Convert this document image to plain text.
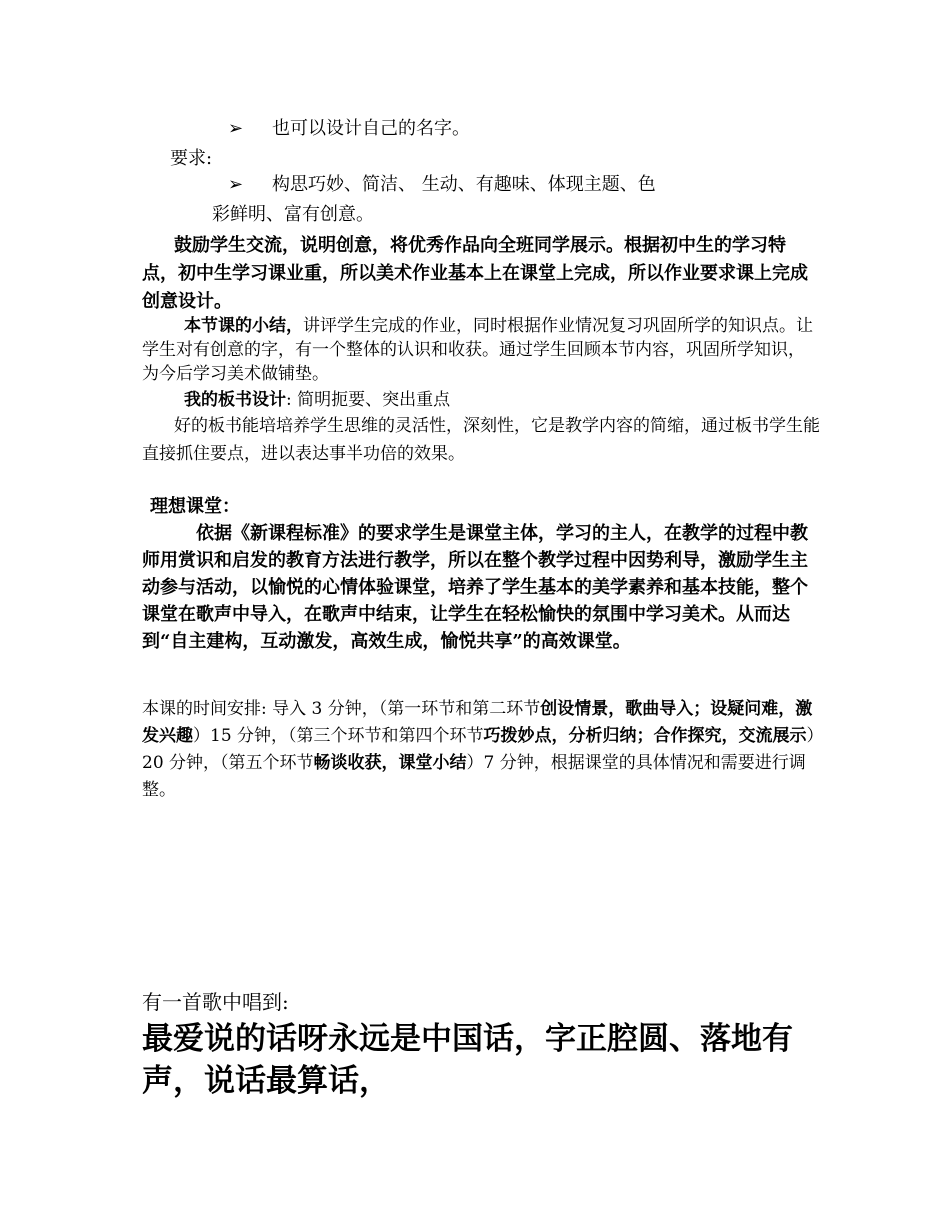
➢ 也可以设计自己的名字。
要求:
➢ 构思巧妙、简洁、 生动、有趣味、体现主题、色
彩鲜明、富有创意。
鼓励学生交流，说明创意，将优秀作品向全班同学展示。根据初中生的学习特点，初中生学习课业重，所以美术作业基本上在课堂上完成，所以作业要求课上完成创意设计。
本节课的小结，讲评学生完成的作业，同时根据作业情况复习巩固所学的知识点。让学生对有创意的字，有一个整体的认识和收获。通过学生回顾本节内容，巩固所学知识，为今后学习美术做铺垫。
我的板书设计: 简明扼要、突出重点
好的板书能培培养学生思维的灵活性，深刻性，它是教学内容的简缩，通过板书学生能直接抓住要点，进以表达事半功倍的效果。
理想课堂：
依据《新课程标准》的要求学生是课堂主体，学习的主人，在教学的过程中教师用赏识和启发的教育方法进行教学，所以在整个教学过程中因势利导，激励学生主动参与活动，以愉悦的心情体验课堂，培养了学生基本的美学素养和基本技能，整个课堂在歌声中导入，在歌声中结束，让学生在轻松愉快的氛围中学习美术。从而达到“自主建构，互动激发，高效生成，愉悦共享”的高效课堂。
本课的时间安排: 导入 3 分钟，（第一环节和第二环节创设情景，歌曲导入；设疑问难，激发兴趣）15 分钟，（第三个环节和第四个环节巧拨妙点，分析归纳；合作探究，交流展示）20 分钟，（第五个环节畅谈收获，课堂小结）7 分钟，根据课堂的具体情况和需要进行调整。
有一首歌中唱到:
最爱说的话呀永远是中国话，字正腔圆、落地有声，说话最算话，
